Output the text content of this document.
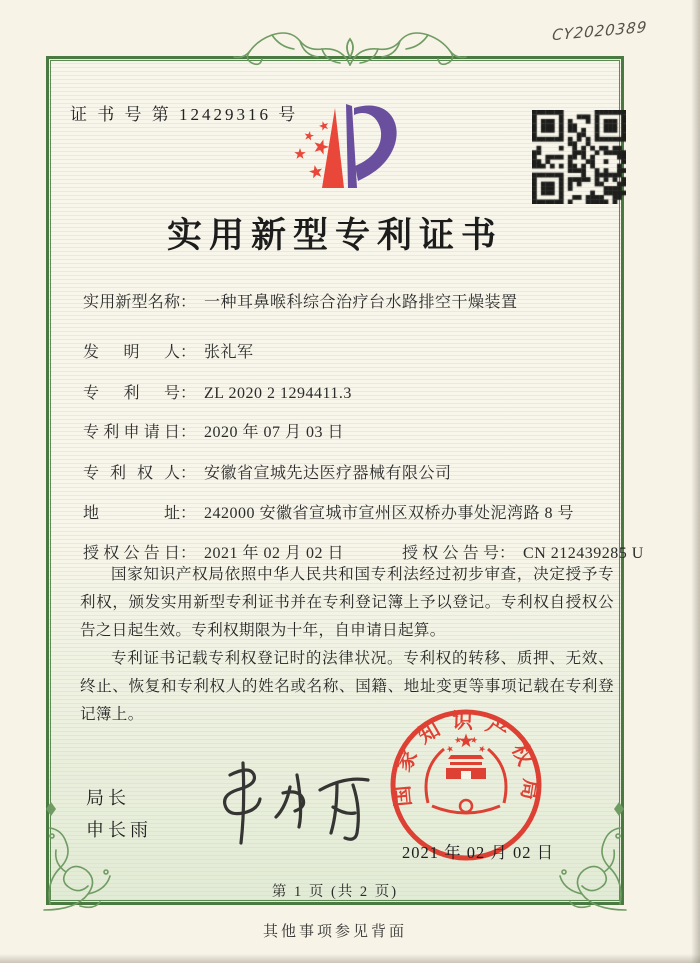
CY2020389
证 书 号 第 12429316 号
实用新型专利证书
实用新型名称： 一种耳鼻喉科综合治疗台水路排空干燥装置
发明人： 张礼军
专利号： ZL 2020 2 1294411.3
专利申请日： 2020 年 07 月 03 日
专利权人： 安徽省宣城先达医疗器械有限公司
地址： 242000 安徽省宣城市宣州区双桥办事处泥湾路 8 号
授权公告日： 2021 年 02 月 02 日	授权公告号： CN 212439285 U

国家知识产权局依照中华人民共和国专利法经过初步审查，决定授予专利权，颁发实用新型专利证书并在专利登记簿上予以登记。专利权自授权公告之日起生效。专利权期限为十年，自申请日起算。

专利证书记载专利权登记时的法律状况。专利权的转移、质押、无效、终止、恢复和专利权人的姓名或名称、国籍、地址变更等事项记载在专利登记簿上。

局长
申长雨
国家知识产权局
2021 年 02 月 02 日
第 1 页 (共 2 页)
其他事项参见背面
